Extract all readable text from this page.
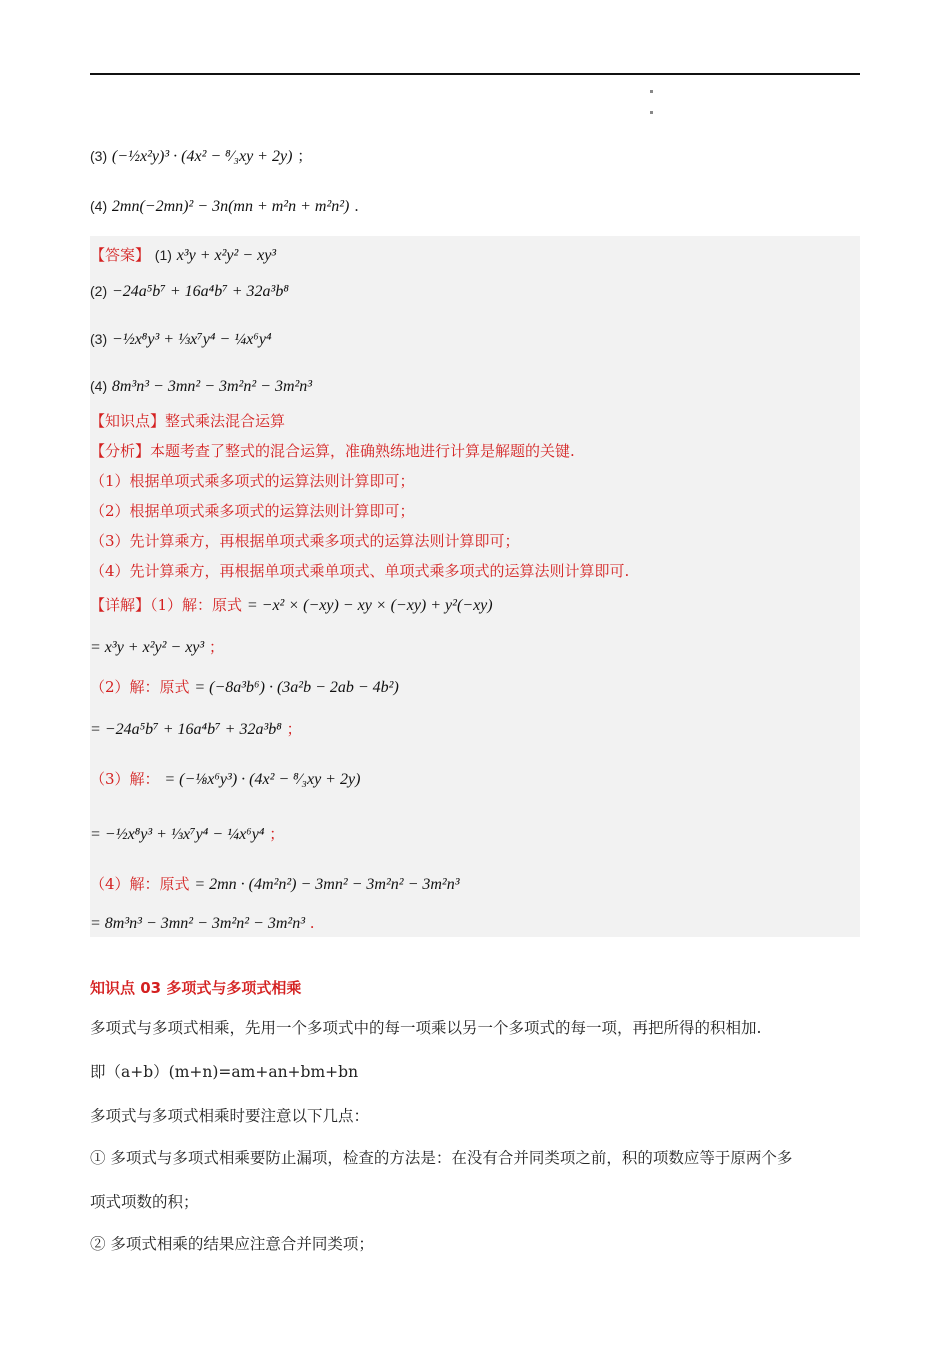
(3) (−½x²y)³ · (4x² − ⁸⁄₃xy + 2y) ；
(4) 2mn(−2mn)² − 3n(mn + m²n + m²n²) .
【答案】 (1) x³y + x²y² − xy³
(2) −24a⁵b⁷ + 16a⁴b⁷ + 32a³b⁸
(3) −½x⁸y³ + ⅓x⁷y⁴ − ¼x⁶y⁴
(4) 8m³n³ − 3mn² − 3m²n² − 3m²n³
【知识点】整式乘法混合运算
【分析】本题考查了整式的混合运算，准确熟练地进行计算是解题的关键.
（1）根据单项式乘多项式的运算法则计算即可；
（2）根据单项式乘多项式的运算法则计算即可；
（3）先计算乘方，再根据单项式乘多项式的运算法则计算即可；
（4）先计算乘方，再根据单项式乘单项式、单项式乘多项式的运算法则计算即可.
【详解】（1）解：原式 = −x² × (−xy) − xy × (−xy) + y²(−xy)
= x³y + x²y² − xy³ ；
（2）解：原式 = (−8a³b⁶) · (3a²b − 2ab − 4b²)
= −24a⁵b⁷ + 16a⁴b⁷ + 32a³b⁸ ；
（3）解： = (−⅛x⁶y³) · (4x² − ⁸⁄₃xy + 2y)
= −½x⁸y³ + ⅓x⁷y⁴ − ¼x⁶y⁴ ；
（4）解：原式 = 2mn · (4m²n²) − 3mn² − 3m²n² − 3m²n³
= 8m³n³ − 3mn² − 3m²n² − 3m²n³ .
知识点 03 多项式与多项式相乘
多项式与多项式相乘，先用一个多项式中的每一项乘以另一个多项式的每一项，再把所得的积相加.
即（a+b）(m+n)=am+an+bm+bn
多项式与多项式相乘时要注意以下几点：
① 多项式与多项式相乘要防止漏项，检查的方法是：在没有合并同类项之前，积的项数应等于原两个多
项式项数的积；
② 多项式相乘的结果应注意合并同类项；
